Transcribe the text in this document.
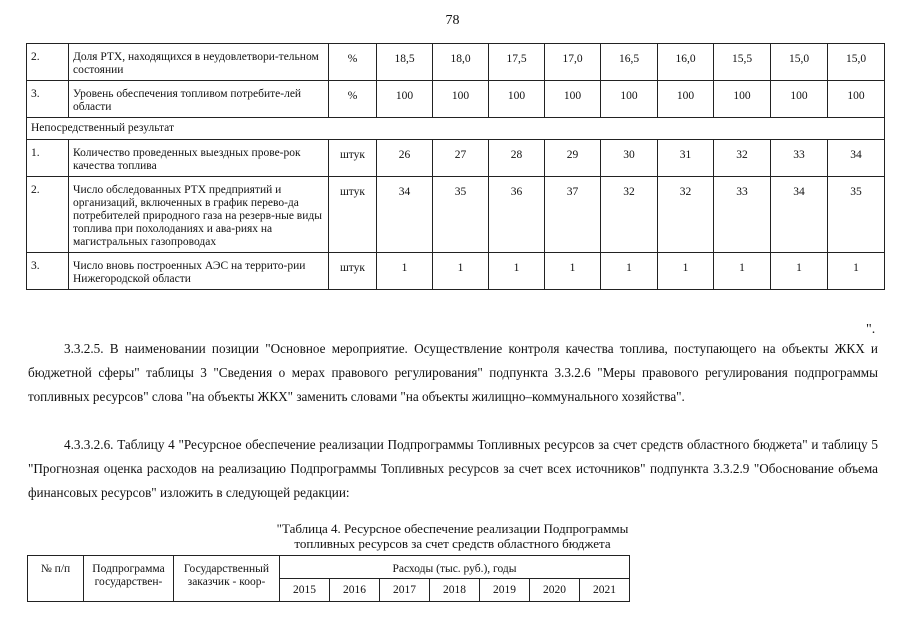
78
2.	Доля РТХ, находящихся в неудовлетвори-тельном состоянии	%	18,5	18,0	17,5	17,0	16,5	16,0	15,5	15,0	15,0
3.	Уровень обеспечения топливом потребите-лей области	%	100	100	100	100	100	100	100	100	100
Непосредственный результат											
1.	Количество проведенных выездных прове-рок качества топлива	штук	26	27	28	29	30	31	32	33	34
2.	Число обследованных РТХ предприятий и организаций, включенных в график перево-да потребителей природного газа на резерв-ные виды топлива при похолоданиях и ава-риях на магистральных газопроводах	штук	34	35	36	37	32	32	33	34	35
3.	Число вновь построенных АЭС на террито-рии Нижегородской области	штук	1	1	1	1	1	1	1	1	1
".
3.3.2.5. В наименовании позиции "Основное мероприятие. Осуществление контроля качества топлива, поступающего на объекты ЖКХ и бюджетной сферы" таблицы 3 "Сведения о мерах правового регулирования" подпункта 3.3.2.6 "Меры правового регулирования подпрограммы топливных ресурсов" слова "на объекты ЖКХ" заменить словами "на объекты жилищно–коммунального хозяйства".
4.3.3.2.6. Таблицу 4 "Ресурсное обеспечение реализации Подпрограммы Топливных ресурсов за счет средств областного бюджета" и таблицу 5 "Прогнозная оценка расходов на реализацию Подпрограммы Топливных ресурсов за счет всех источников" подпункта 3.3.2.9 "Обоснование объема финансовых ресурсов" изложить в следующей редакции:
"Таблица 4. Ресурсное обеспечение реализации Подпрограммы
топливных ресурсов за счет средств областного бюджета
№ п/п	Подпрограмма государствен-	Государственный заказчик - коор-	Расходы (тыс. руб.), годы						
			2015	2016	2017	2018	2019	2020	2021
